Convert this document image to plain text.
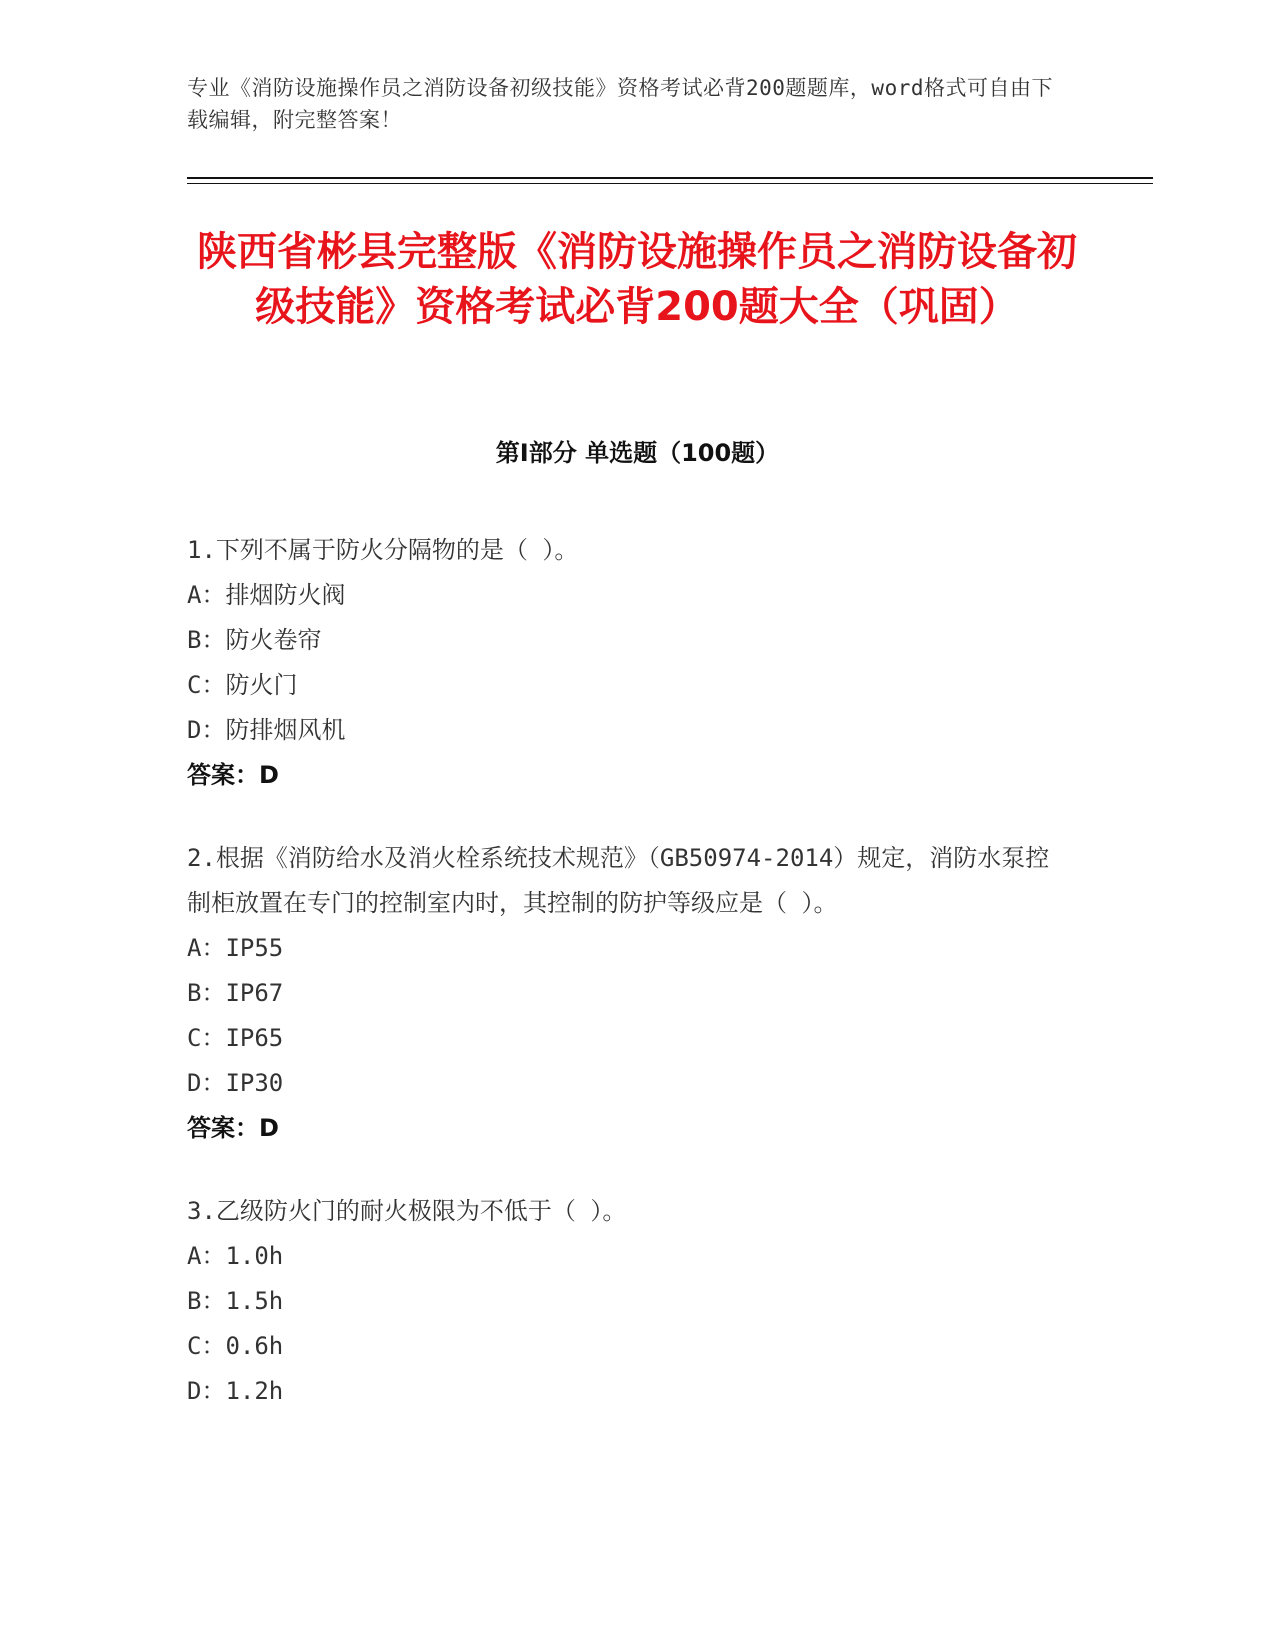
专业《消防设施操作员之消防设备初级技能》资格考试必背200题题库，word格式可自由下载编辑，附完整答案！
陕西省彬县完整版《消防设施操作员之消防设备初级技能》资格考试必背200题大全（巩固）
第Ⅰ部分 单选题（100题）
1.下列不属于防火分隔物的是（ ）。
A：排烟防火阀
B：防火卷帘
C：防火门
D：防排烟风机
答案：D
2.根据《消防给水及消火栓系统技术规范》（GB50974-2014）规定，消防水泵控制柜放置在专门的控制室内时，其控制的防护等级应是（ ）。
A：IP55
B：IP67
C：IP65
D：IP30
答案：D
3.乙级防火门的耐火极限为不低于（ ）。
A：1.0h
B：1.5h
C：0.6h
D：1.2h
